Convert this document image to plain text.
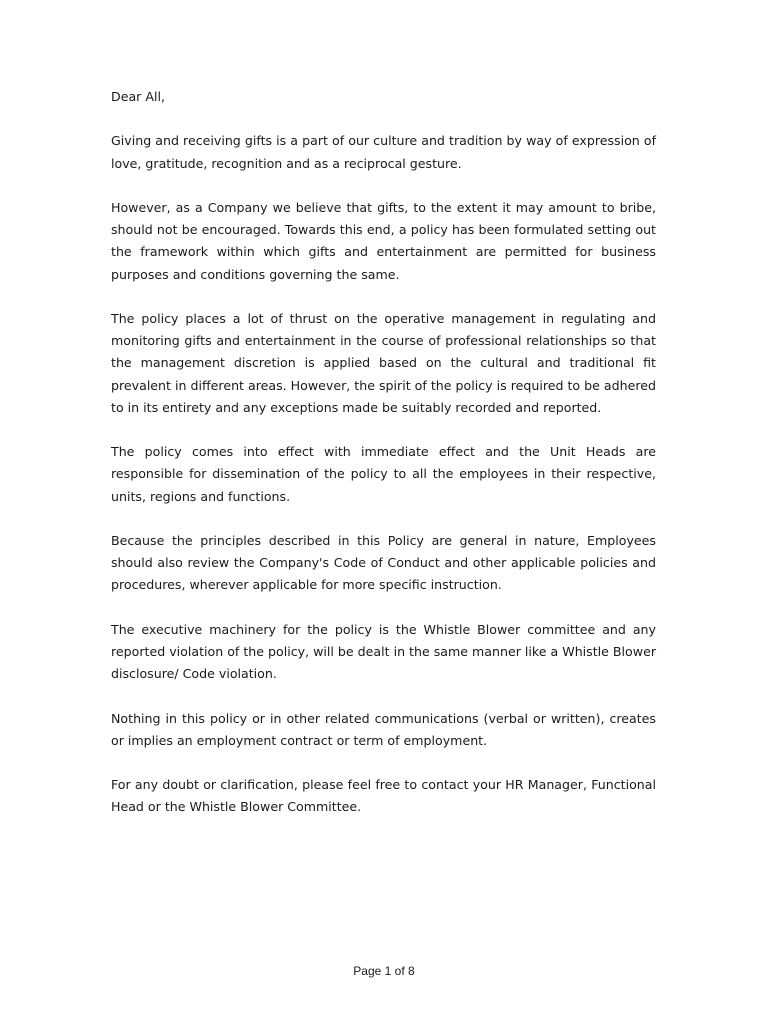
Dear All,

Giving and receiving gifts is a part of our culture and tradition by way of expression of love, gratitude, recognition and as a reciprocal gesture.

However, as a Company we believe that gifts, to the extent it may amount to bribe, should not be encouraged. Towards this end, a policy has been formulated setting out the framework within which gifts and entertainment are permitted for business purposes and conditions governing the same.

The policy places a lot of thrust on the operative management in regulating and monitoring gifts and entertainment in the course of professional relationships so that the management discretion is applied based on the cultural and traditional fit prevalent in different areas. However, the spirit of the policy is required to be adhered to in its entirety and any exceptions made be suitably recorded and reported.

The policy comes into effect with immediate effect and the Unit Heads are responsible for dissemination of the policy to all the employees in their respective, units, regions and functions.

Because the principles described in this Policy are general in nature, Employees should also review the Company's Code of Conduct and other applicable policies and procedures, wherever applicable for more specific instruction.

The executive machinery for the policy is the Whistle Blower committee and any reported violation of the policy, will be dealt in the same manner like a Whistle Blower disclosure/ Code violation.

Nothing in this policy or in other related communications (verbal or written), creates or implies an employment contract or term of employment.

For any doubt or clarification, please feel free to contact your HR Manager, Functional Head or the Whistle Blower Committee.

Page 1 of 8
